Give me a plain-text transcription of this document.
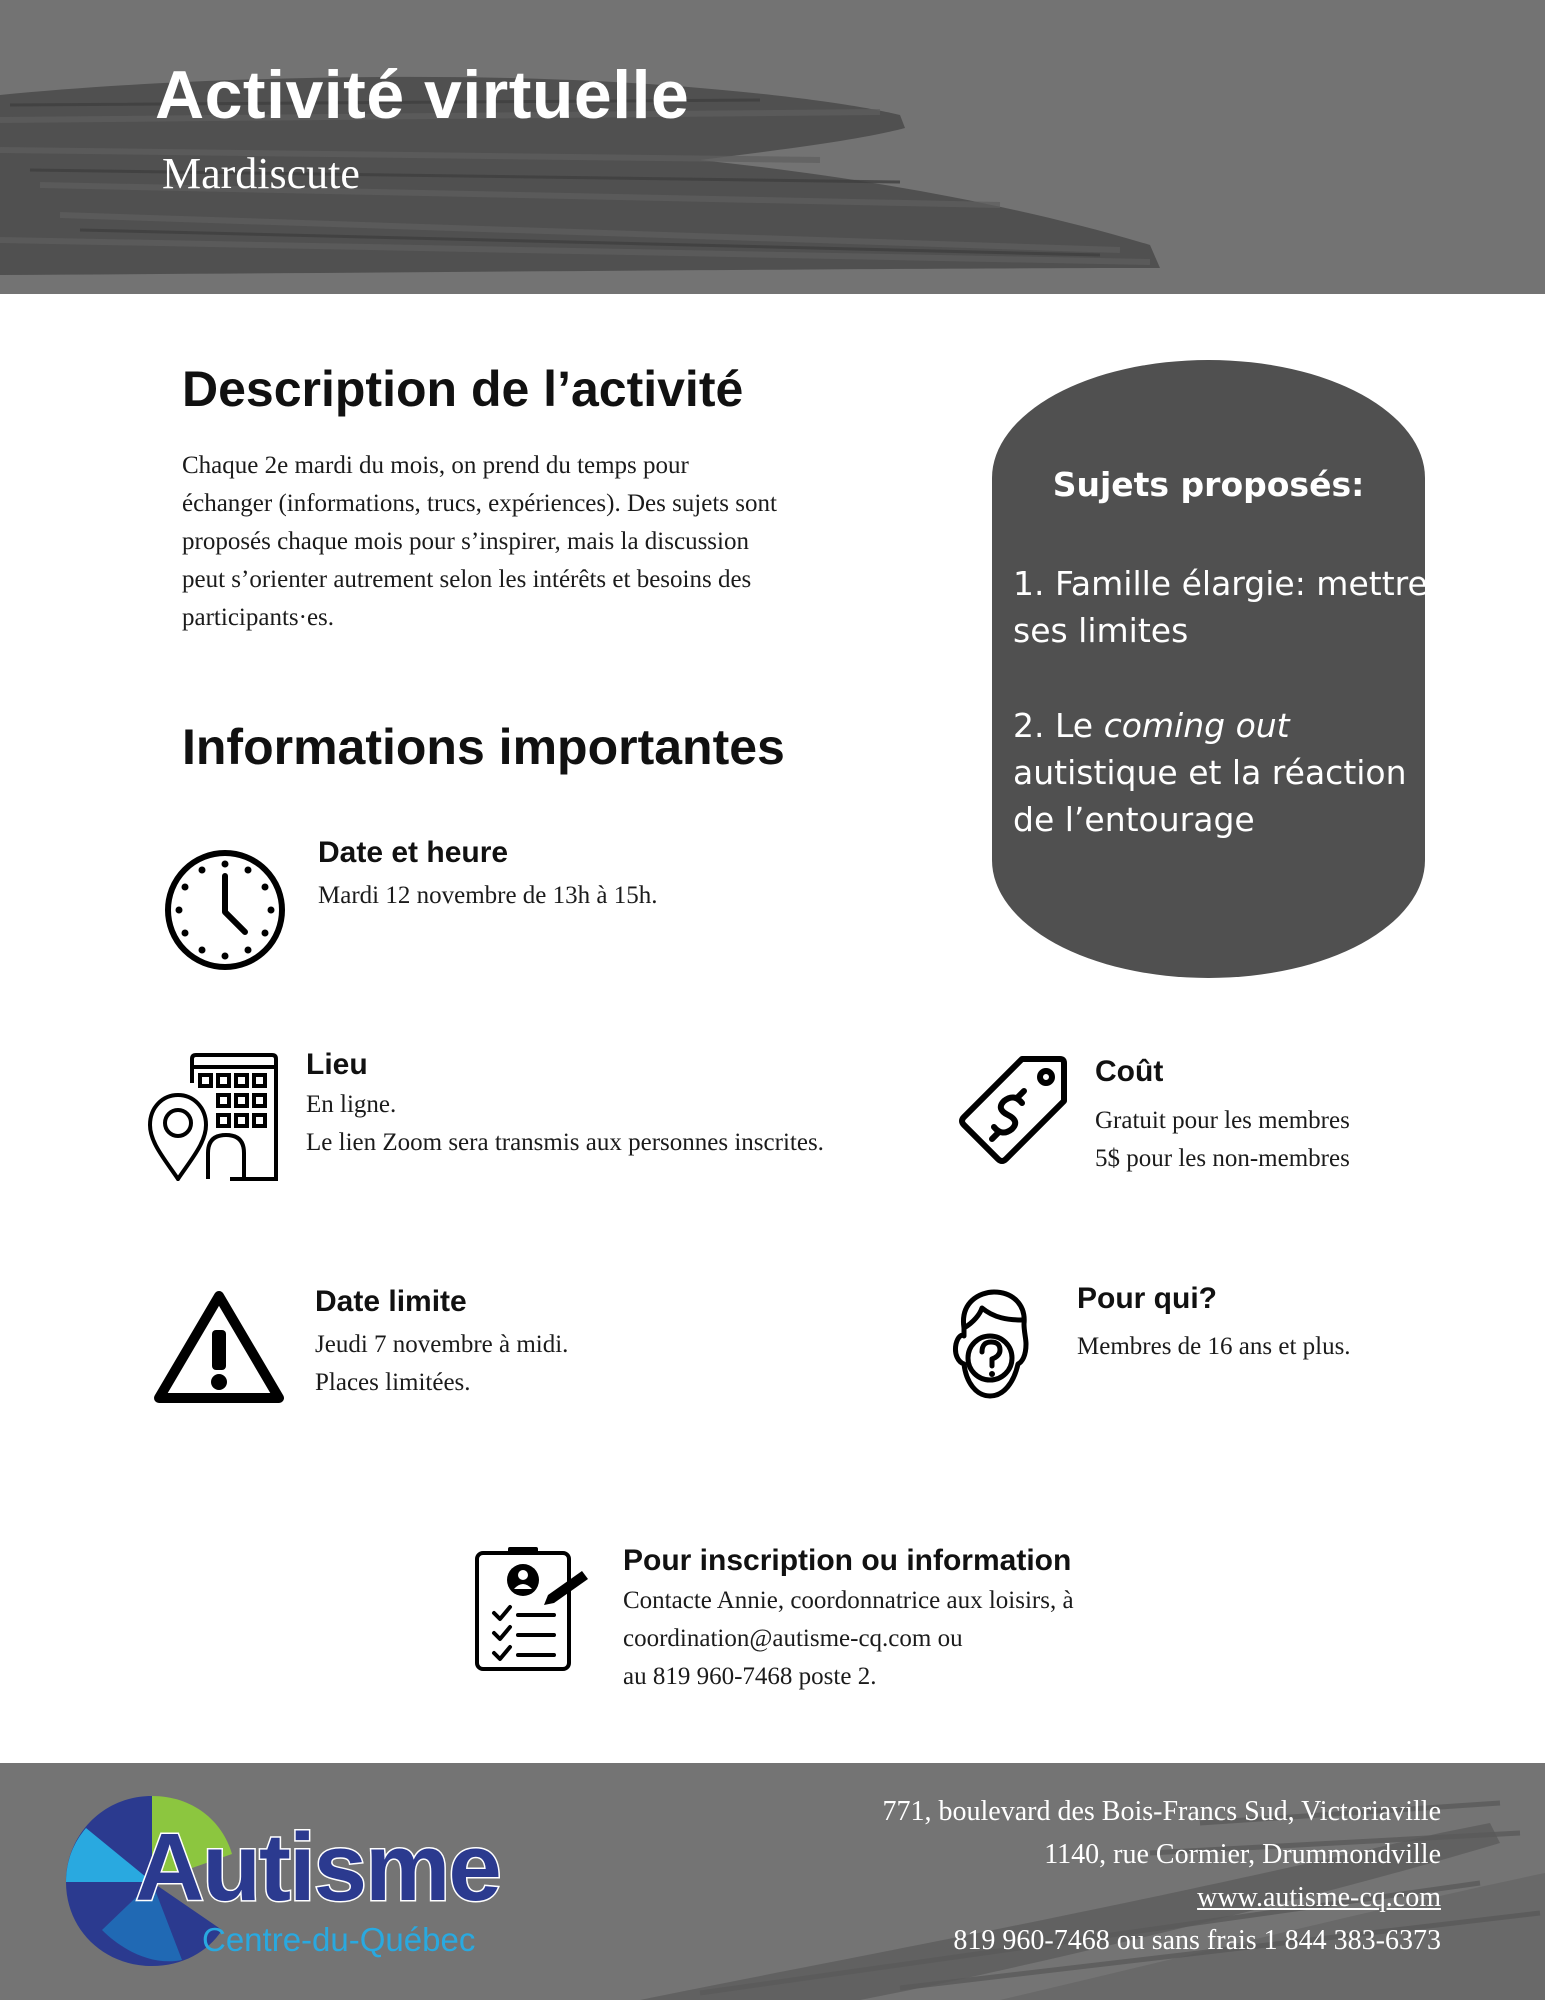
Activité virtuelle
Mardiscute
Description de l’activité
Chaque 2e mardi du mois, on prend du temps pour
échanger (informations, trucs, expériences). Des sujets sont
proposés chaque mois pour s’inspirer, mais la discussion
peut s’orienter autrement selon les intérêts et besoins des
participants·es.
Sujets proposés:
1. Famille élargie: mettre
ses limites
2. Le coming out
autistique et la réaction
de l’entourage
Informations importantes
Date et heure
Mardi 12 novembre de 13h à 15h.
Lieu
En ligne.
Le lien Zoom sera transmis aux personnes inscrites.
Coût
Gratuit pour les membres
5$ pour les non-membres
Date limite
Jeudi 7 novembre à midi.
Places limitées.
Pour qui?
Membres de 16 ans et plus.
Pour inscription ou information
Contacte Annie, coordonnatrice aux loisirs, à
coordination@autisme-cq.com ou
au 819 960-7468 poste 2.
Autisme
Centre-du-Québec
771, boulevard des Bois-Francs Sud, Victoriaville
1140, rue Cormier, Drummondville
www.autisme-cq.com
819 960-7468 ou sans frais 1 844 383-6373
